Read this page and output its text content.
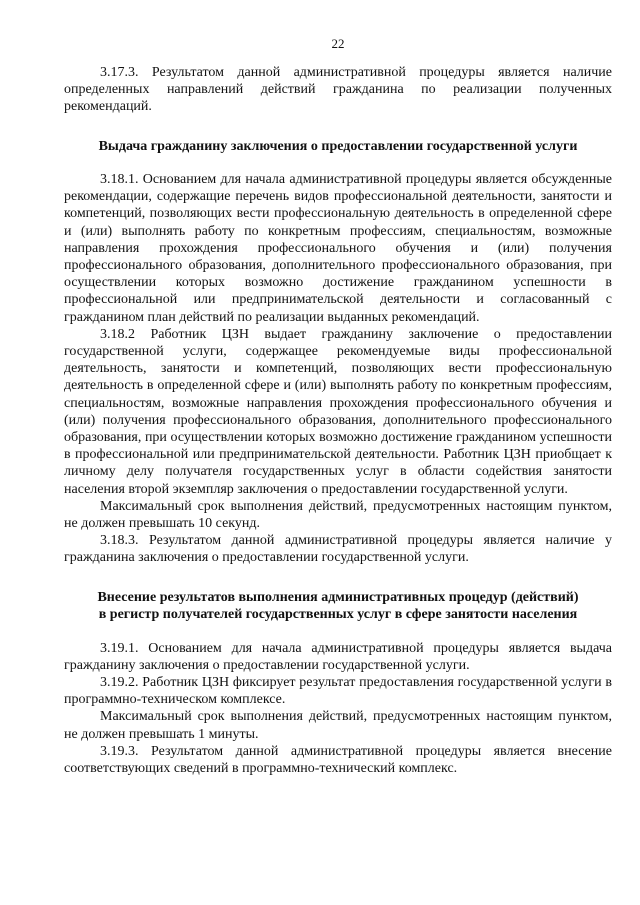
22

3.17.3. Результатом данной административной процедуры является наличие определенных направлений действий гражданина по реализации полученных рекомендаций.

Выдача гражданину заключения о предоставлении государственной услуги

3.18.1. Основанием для начала административной процедуры является обсужденные рекомендации, содержащие перечень видов профессиональной деятельности, занятости и компетенций, позволяющих вести профессиональную деятельность в определенной сфере и (или) выполнять работу по конкретным профессиям, специальностям, возможные направления прохождения профессионального обучения и (или) получения профессионального образования, дополнительного профессионального образования, при осуществлении которых возможно достижение гражданином успешности в профессиональной или предпринимательской деятельности и согласованный с гражданином план действий по реализации выданных рекомендаций.

3.18.2 Работник ЦЗН выдает гражданину заключение о предоставлении государственной услуги, содержащее рекомендуемые виды профессиональной деятельность, занятости и компетенций, позволяющих вести профессиональную деятельность в определенной сфере и (или) выполнять работу по конкретным профессиям, специальностям, возможные направления прохождения профессионального обучения и (или) получения профессионального образования, дополнительного профессионального образования, при осуществлении которых возможно достижение гражданином успешности в профессиональной или предпринимательской деятельности. Работник ЦЗН приобщает к личному делу получателя государственных услуг в области содействия занятости населения второй экземпляр заключения о предоставлении государственной услуги.

Максимальный срок выполнения действий, предусмотренных настоящим пунктом, не должен превышать 10 секунд.

3.18.3. Результатом данной административной процедуры является наличие у гражданина заключения о предоставлении государственной услуги.

Внесение результатов выполнения административных процедур (действий)
в регистр получателей государственных услуг в сфере занятости населения

3.19.1. Основанием для начала административной процедуры является выдача гражданину заключения о предоставлении государственной услуги.

3.19.2. Работник ЦЗН фиксирует результат предоставления государственной услуги в программно-техническом комплексе.

Максимальный срок выполнения действий, предусмотренных настоящим пунктом, не должен превышать 1 минуты.

3.19.3. Результатом данной административной процедуры является внесение соответствующих сведений в программно-технический комплекс.
